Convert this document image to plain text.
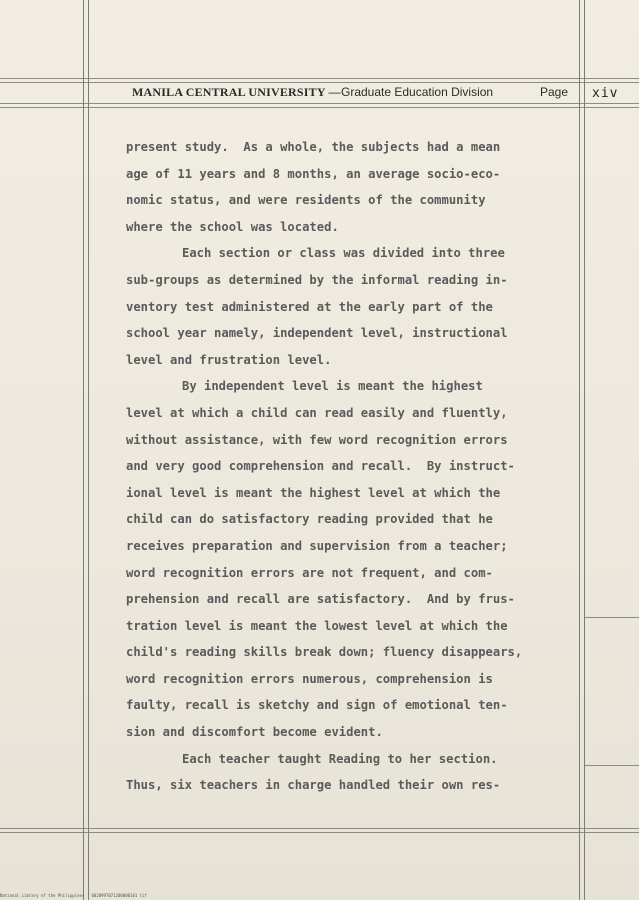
MANILA CENTRAL UNIVERSITY — Graduate Education Division	Page xiv
present study.  As a whole, the subjects had a mean
age of 11 years and 8 months, an average socio-eco-
nomic status, and were residents of the community
where the school was located.
Each section or class was divided into three
sub-groups as determined by the informal reading in-
ventory test administered at the early part of the
school year namely, independent level, instructional
level and frustration level.
By independent level is meant the highest
level at which a child can read easily and fluently,
without assistance, with few word recognition errors
and very good comprehension and recall.  By instruct-
ional level is meant the highest level at which the
child can do satisfactory reading provided that he
receives preparation and supervision from a teacher;
word recognition errors are not frequent, and com-
prehension and recall are satisfactory.  And by frus-
tration level is meant the lowest level at which the
child's reading skills break down; fluency disappears,
word recognition errors numerous, comprehension is
faulty, recall is sketchy and sign of emotional ten-
sion and discomfort become evident.
Each teacher taught Reading to her section.
Thus, six teachers in charge handled their own res-
National Library of the Philippines   0020997071200000101 tif
